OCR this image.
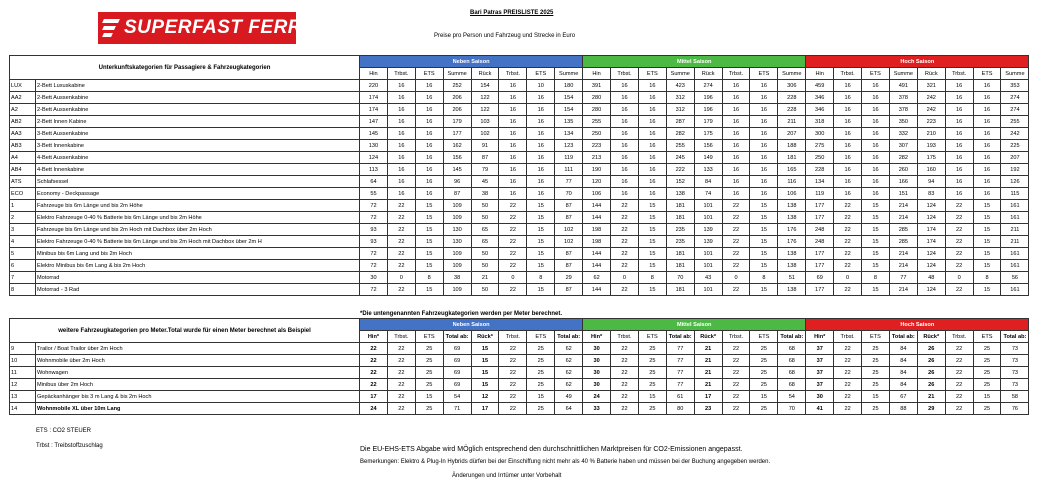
SUPERFAST FERRIES
Bari Patras PREISLISTE 2025
Preise pro Person und Fahrzeug und Strecke in Euro
Unterkunftskategorien für Passagiere & Fahrzeugkategorien		Neben Saison								Mittel Saison								Hoch Saison							
		Hin	Trbst.	ETS	Summe	Rück	Trbst.	ETS	Summe	Hin	Trbst.	ETS	Summe	Rück	Trbst.	ETS	Summe	Hin	Trbst.	ETS	Summe	Rück	Trbst.	ETS	Summe
LUX	2-Bett Luxuskabine	220	16	16	252	154	16	10	180	391	16	16	423	274	16	16	306	459	16	16	491	321	16	16	353
AA2	2-Bett Aussenkabine	174	16	16	206	122	16	16	154	280	16	16	312	196	16	16	228	346	16	16	378	242	16	16	274
A2	2-Bett Aussenkabine	174	16	16	206	122	16	16	154	280	16	16	312	196	16	16	228	346	16	16	378	242	16	16	274
AB2	2-Bett Innen Kabine	147	16	16	179	103	16	16	135	255	16	16	287	179	16	16	211	318	16	16	350	223	16	16	255
AA3	3-Bett Aussenkabine	145	16	16	177	102	16	16	134	250	16	16	282	175	16	16	207	300	16	16	332	210	16	16	242
AB3	3-Bett Innenkabine	130	16	16	162	91	16	16	123	223	16	16	255	156	16	16	188	275	16	16	307	193	16	16	225
A4	4-Bett Aussenkabine	124	16	16	156	87	16	16	119	213	16	16	245	149	16	16	181	250	16	16	282	175	16	16	207
AB4	4-Bett Innenkabine	113	16	16	145	79	16	16	111	190	16	16	222	133	16	16	165	228	16	16	260	160	16	16	192
ATS	Schlafsessel	64	16	16	96	45	16	16	77	120	16	16	152	84	16	16	116	134	16	16	166	94	16	16	126
ECO	Economy - Deckpassage	55	16	16	87	38	16	16	70	106	16	16	138	74	16	16	106	119	16	16	151	83	16	16	115
1	Fahrzeuge bis 6m Länge und bis 2m Höhe	72	22	15	109	50	22	15	87	144	22	15	181	101	22	15	138	177	22	15	214	124	22	15	161
2	Elektro Fahrzeuge 0-40 % Batterie bis 6m Länge und bis 2m Höhe	72	22	15	109	50	22	15	87	144	22	15	181	101	22	15	138	177	22	15	214	124	22	15	161
3	Fahrzeuge bis 6m Länge und bis 2m Hoch mit Dachbox über 2m Hoch	93	22	15	130	65	22	15	102	198	22	15	235	139	22	15	176	248	22	15	285	174	22	15	211
4	Elektro Fahrzeuge 0-40 % Batterie bis 6m Länge und bis 2m Hoch mit Dachbox über 2m H	93	22	15	130	65	22	15	102	198	22	15	235	139	22	15	176	248	22	15	285	174	22	15	211
5	Minibus bis 6m Lang und bis 2m Hoch	72	22	15	109	50	22	15	87	144	22	15	181	101	22	15	138	177	22	15	214	124	22	15	161
6	Elektro Minibus bis 6m Lang & bis 2m Hoch	72	22	15	109	50	22	15	87	144	22	15	181	101	22	15	138	177	22	15	214	124	22	15	161
7	Motorrad	30	0	8	38	21	0	8	29	62	0	8	70	43	0	8	51	69	0	8	77	48	0	8	56
8	Motorrad - 3 Rad	72	22	15	109	50	22	15	87	144	22	15	181	101	22	15	138	177	22	15	214	124	22	15	161
*Die untengenannten Fahrzeugkategorien werden per Meter berechnet.
weitere Fahrzeugkategorien pro Meter.Total wurde für einen Meter berechnet als Beispiel		Neben Saison								Mittel Saison								Hoch Saison							
		Hin*	Trbst.	ETS	Total ab:	Rück*	Trbst.	ETS	Total ab:	Hin*	Trbst.	ETS	Total ab:	Rück*	Trbst.	ETS	Total ab:	Hin*	Trbst.	ETS	Total ab:	Rück*	Trbst.	ETS	Total ab:
9	Trailor / Boat Trailor über 2m Hoch	22	22	25	69	15	22	25	62	30	22	25	77	21	22	25	68	37	22	25	84	26	22	25	73
10	Wohnmobile über 2m Hoch	22	22	25	69	15	22	25	62	30	22	25	77	21	22	25	68	37	22	25	84	26	22	25	73
11	Wohnwagen	22	22	25	69	15	22	25	62	30	22	25	77	21	22	25	68	37	22	25	84	26	22	25	73
12	Minibus über 2m Hoch	22	22	25	69	15	22	25	62	30	22	25	77	21	22	25	68	37	22	25	84	26	22	25	73
13	Gepäckanhänger bis 3 m Lang & bis 2m Hoch	17	22	15	54	12	22	15	49	24	22	15	61	17	22	15	54	30	22	15	67	21	22	15	58
14	Wohnmobile XL über 10m Lang	24	22	25	71	17	22	25	64	33	22	25	80	23	22	25	70	41	22	25	88	29	22	25	76
ETS : CO2 STEUER
Trbst : Treibstoffzuschlag	Die EU-EHS-ETS Abgabe wird MÖglich entsprechend den durchschnittlichen Marktpreisen für CO2-Emissionen angepasst.
Bemerkungen: Elektro & Plug-In Hybrids dürfen bei der Einschiffung nicht mehr als 40 % Batterie haben und müssen bei der Buchung angegeben werden.
Änderungen und Irrtümer unter Vorbehalt
